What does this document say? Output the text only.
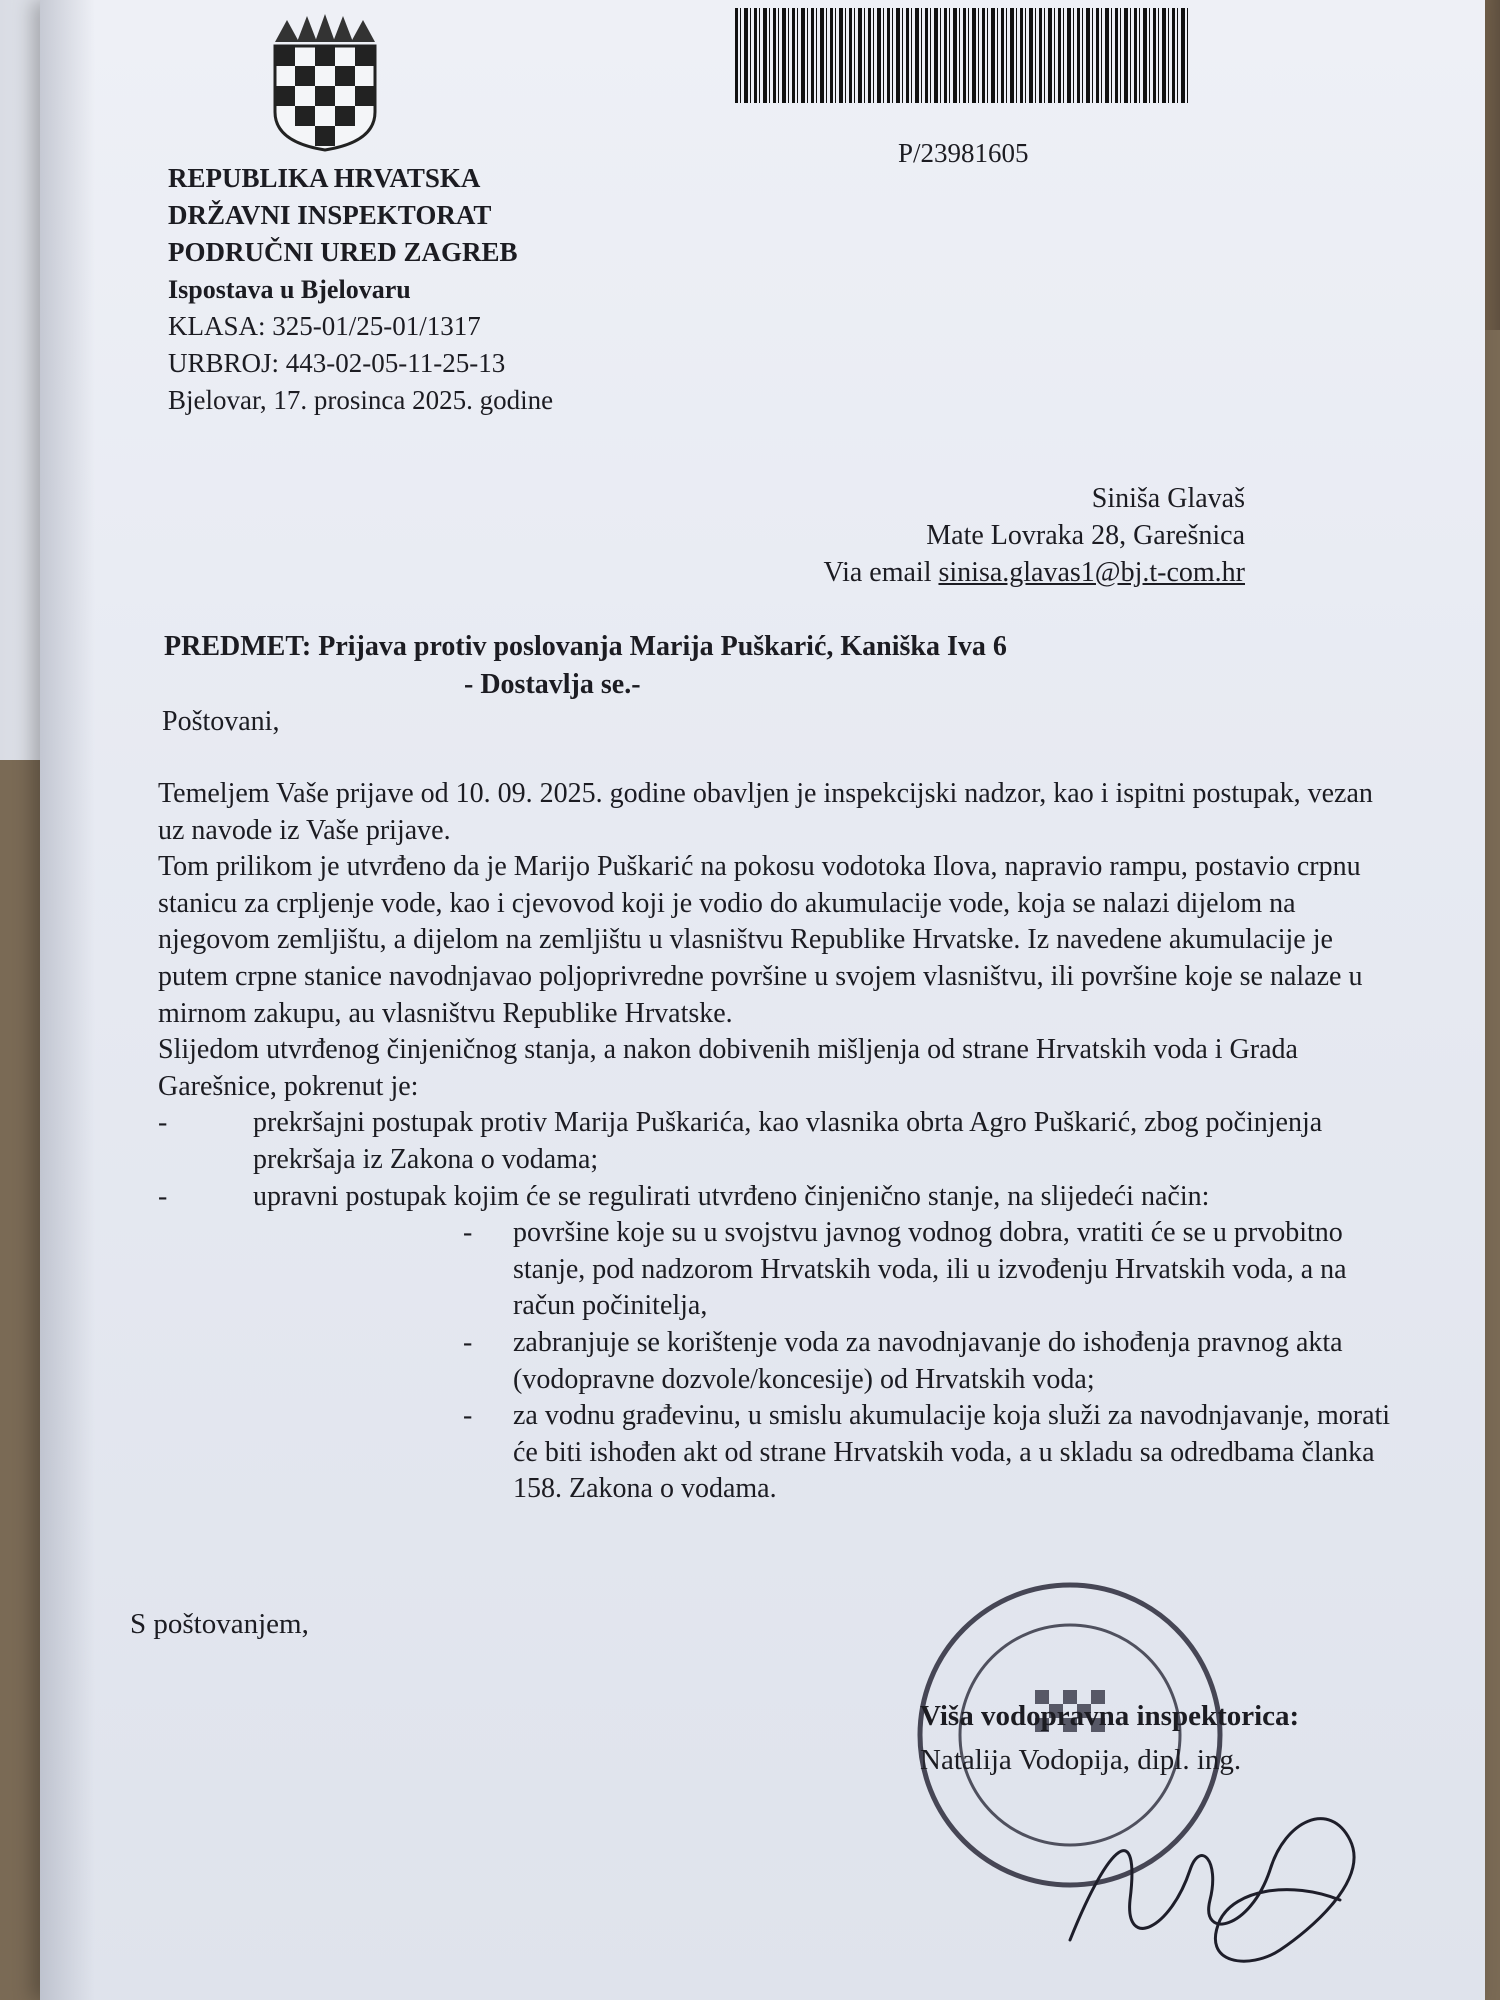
P/23981605
REPUBLIKA HRVATSKA
DRŽAVNI INSPEKTORAT
PODRUČNI URED ZAGREB
Ispostava u Bjelovaru
KLASA: 325-01/25-01/1317
URBROJ: 443-02-05-11-25-13
Bjelovar, 17. prosinca 2025. godine
Siniša Glavaš
Mate Lovraka 28, Garešnica
Via email sinisa.glavas1@bj.t-com.hr
PREDMET: Prijava protiv poslovanja Marija Puškarić, Kaniška Iva 6
- Dostavlja se.-
Poštovani,

Temeljem Vaše prijave od 10. 09. 2025. godine obavljen je inspekcijski nadzor, kao i ispitni postupak, vezan uz navode iz Vaše prijave.

Tom prilikom je utvrđeno da je Marijo Puškarić na pokosu vodotoka Ilova, napravio rampu, postavio crpnu stanicu za crpljenje vode, kao i cjevovod koji je vodio do akumulacije vode, koja se nalazi dijelom na njegovom zemljištu, a dijelom na zemljištu u vlasništvu Republike Hrvatske. Iz navedene akumulacije je putem crpne stanice navodnjavao poljoprivredne površine u svojem vlasništvu, ili površine koje se nalaze u mirnom zakupu, au vlasništvu Republike Hrvatske.

Slijedom utvrđenog činjeničnog stanja, a nakon dobivenih mišljenja od strane Hrvatskih voda i Grada Garešnice, pokrenut je:

-	prekršajni postupak protiv Marija Puškarića, kao vlasnika obrta Agro Puškarić, zbog počinjenja prekršaja iz Zakona o vodama;
-	upravni postupak kojim će se regulirati utvrđeno činjenično stanje, na slijedeći način:
-	površine koje su u svojstvu javnog vodnog dobra, vratiti će se u prvobitno stanje, pod nadzorom Hrvatskih voda, ili u izvođenju Hrvatskih voda, a na račun počinitelja,
-	zabranjuje se korištenje voda za navodnjavanje do ishođenja pravnog akta (vodopravne dozvole/koncesije) od Hrvatskih voda;
-	za vodnu građevinu, u smislu akumulacije koja služi za navodnjavanje, morati će biti ishođen akt od strane Hrvatskih voda, a u skladu sa odredbama članka 158. Zakona o vodama.
S poštovanjem,
Viša vodopravna inspektorica:
Natalija Vodopija, dipl. ing.
